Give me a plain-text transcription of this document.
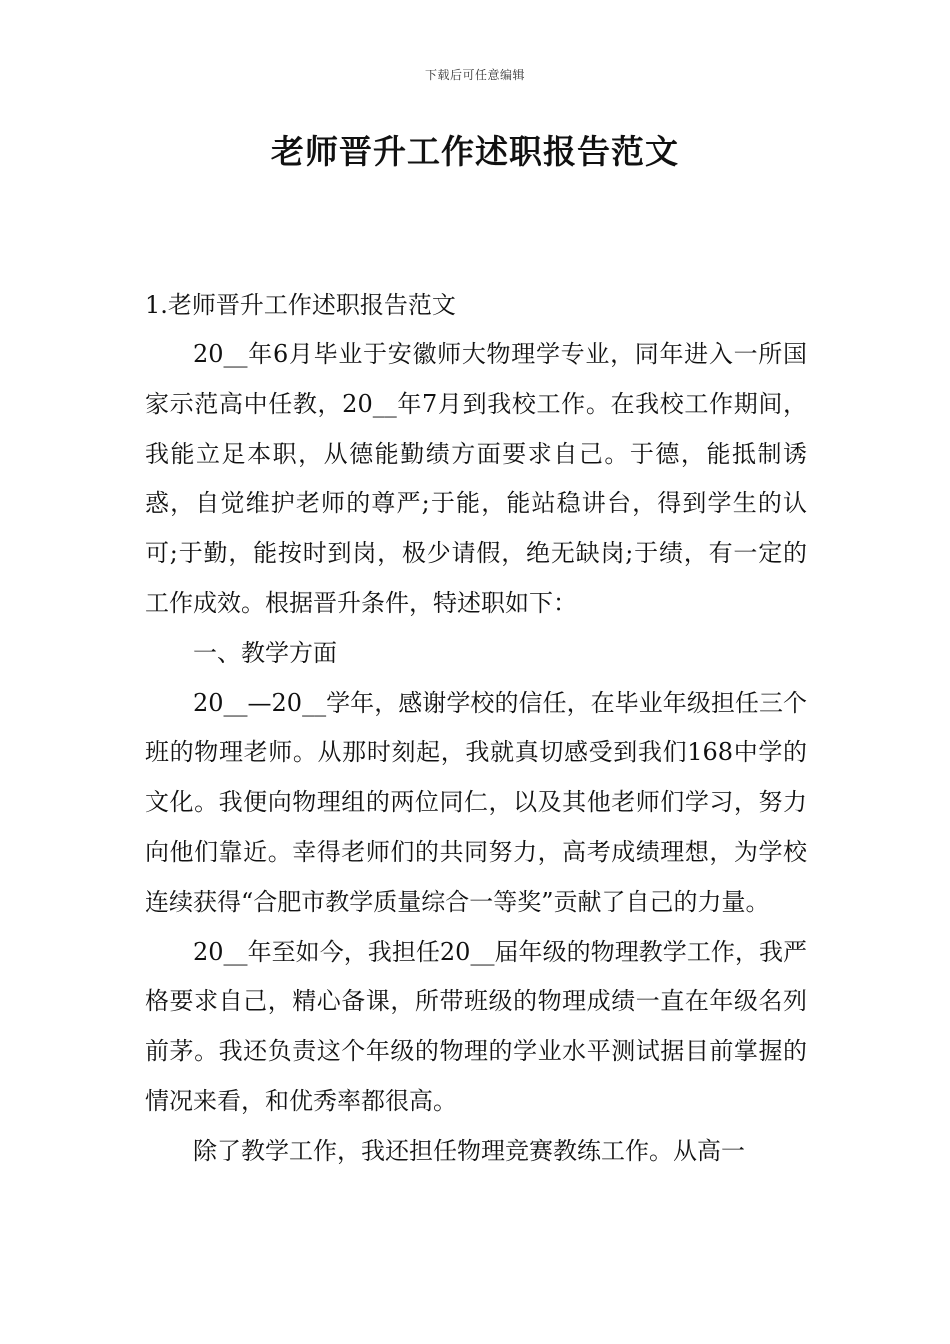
下载后可任意编辑
老师晋升工作述职报告范文

1.老师晋升工作述职报告范文

20__年6月毕业于安徽师大物理学专业，同年进入一所国家示范高中任教，20__年7月到我校工作。在我校工作期间，我能立足本职，从德能勤绩方面要求自己。于德，能抵制诱惑，自觉维护老师的尊严;于能，能站稳讲台，得到学生的认可;于勤，能按时到岗，极少请假，绝无缺岗;于绩，有一定的工作成效。根据晋升条件，特述职如下：

一、教学方面

20__—20__学年，感谢学校的信任，在毕业年级担任三个班的物理老师。从那时刻起，我就真切感受到我们168中学的文化。我便向物理组的两位同仁，以及其他老师们学习，努力向他们靠近。幸得老师们的共同努力，高考成绩理想，为学校连续获得“合肥市教学质量综合一等奖”贡献了自己的力量。

20__年至如今，我担任20__届年级的物理教学工作，我严格要求自己，精心备课，所带班级的物理成绩一直在年级名列前茅。我还负责这个年级的物理的学业水平测试据目前掌握的情况来看，和优秀率都很高。

除了教学工作，我还担任物理竞赛教练工作。从高一
